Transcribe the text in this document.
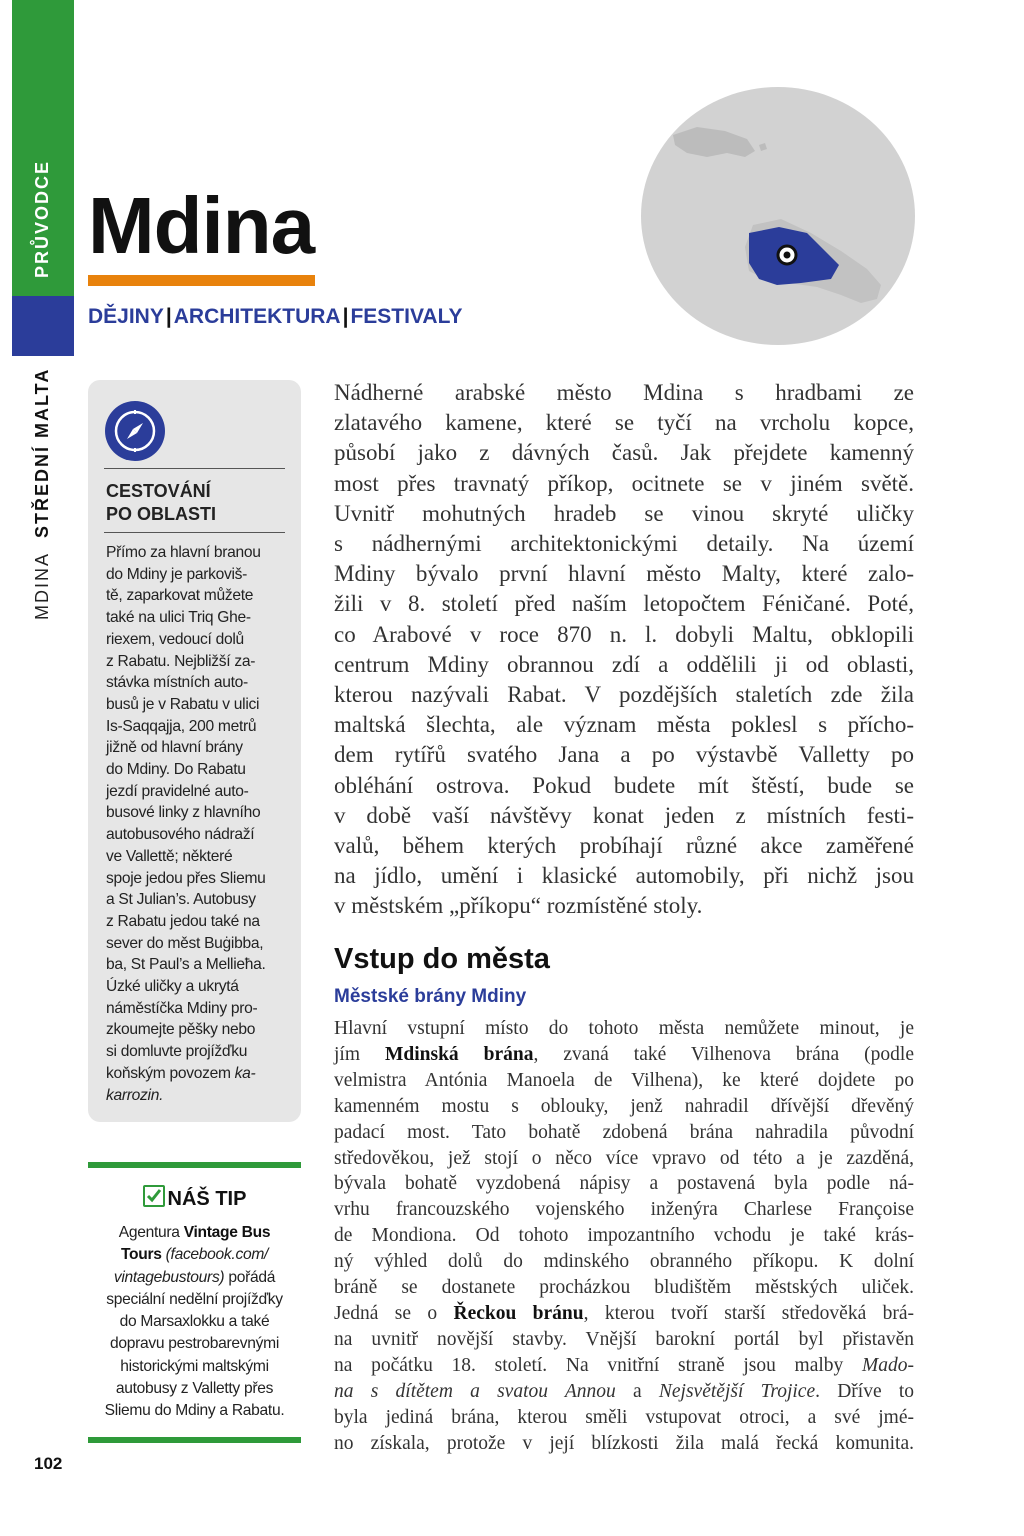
PRŮVODCE
MDINA  STŘEDNÍ MALTA
Mdina
DĚJINY|ARCHITEKTURA|FESTIVALY
CESTOVÁNÍ
PO OBLASTI
Přímo za hlavní branou
do Mdiny je parkoviš-
tě, zaparkovat můžete
také na ulici Triq Ghe-
riexem, vedoucí dolů
z Rabatu. Nejbližší za-
stávka místních auto-
busů je v Rabatu v ulici
Is-Saqqajja, 200 metrů
jižně od hlavní brány
do Mdiny. Do Rabatu
jezdí pravidelné auto-
busové linky z hlavního
autobusového nádraží
ve Vallettě; některé
spoje jedou přes Sliemu
a St Julian’s. Autobusy
z Rabatu jedou také na
sever do měst Buġibba,
ba, St Paul’s a Mellieħa.
Úzké uličky a ukrytá
náměstíčka Mdiny pro-
zkoumejte pěšky nebo
si domluvte projížďku
koňským povozem ka-
karrozin.
NÁŠ TIP
Agentura Vintage Bus
Tours (facebook.com/
vintagebustours) pořádá
speciální nedělní projížďky
do Marsaxlokku a také
dopravu pestrobarevnými
historickými maltskými
autobusy z Valletty přes
Sliemu do Mdiny a Rabatu.
102
Nádherné arabské město Mdina s hradbami ze
zlatavého kamene, které se tyčí na vrcholu kopce,
působí jako z dávných časů. Jak přejdete kamenný
most přes travnatý příkop, ocitnete se v jiném světě.
Uvnitř mohutných hradeb se vinou skryté uličky
s nádhernými architektonickými detaily. Na území
Mdiny bývalo první hlavní město Malty, které zalo-
žili v 8. století před naším letopočtem Féničané. Poté,
co Arabové v roce 870 n. l. dobyli Maltu, obklopili
centrum Mdiny obrannou zdí a oddělili ji od oblasti,
kterou nazývali Rabat. V pozdějších staletích zde žila
maltská šlechta, ale význam města poklesl s přícho-
dem rytířů svatého Jana a po výstavbě Valletty po
obléhání ostrova. Pokud budete mít štěstí, bude se
v době vaší návštěvy konat jeden z místních festi-
valů, během kterých probíhají různé akce zaměřené
na jídlo, umění i klasické automobily, při nichž jsou
v městském „příkopu“ rozmístěné stoly.
Vstup do města
Městské brány Mdiny
Hlavní vstupní místo do tohoto města nemůžete minout, je
jím Mdinská brána, zvaná také Vilhenova brána (podle
velmistra Antónia Manoela de Vilhena), ke které dojdete po
kamenném mostu s oblouky, jenž nahradil dřívější dřevěný
padací most. Tato bohatě zdobená brána nahradila původní
středověkou, jež stojí o něco více vpravo od této a je zazděná,
bývala bohatě vyzdobená nápisy a postavená byla podle ná-
vrhu francouzského vojenského inženýra Charlese Françoise
de Mondiona. Od tohoto impozantního vchodu je také krás-
ný výhled dolů do mdinského obranného příkopu. K dolní
bráně se dostanete procházkou bludištěm městských uliček.
Jedná se o Řeckou bránu, kterou tvoří starší středověká brá-
na uvnitř novější stavby. Vnější barokní portál byl přistavěn
na počátku 18. století. Na vnitřní straně jsou malby Mado-
na s dítětem a svatou Annou a Nejsvětější Trojice. Dříve to
byla jediná brána, kterou směli vstupovat otroci, a své jmé-
no získala, protože v její blízkosti žila malá řecká komunita.
